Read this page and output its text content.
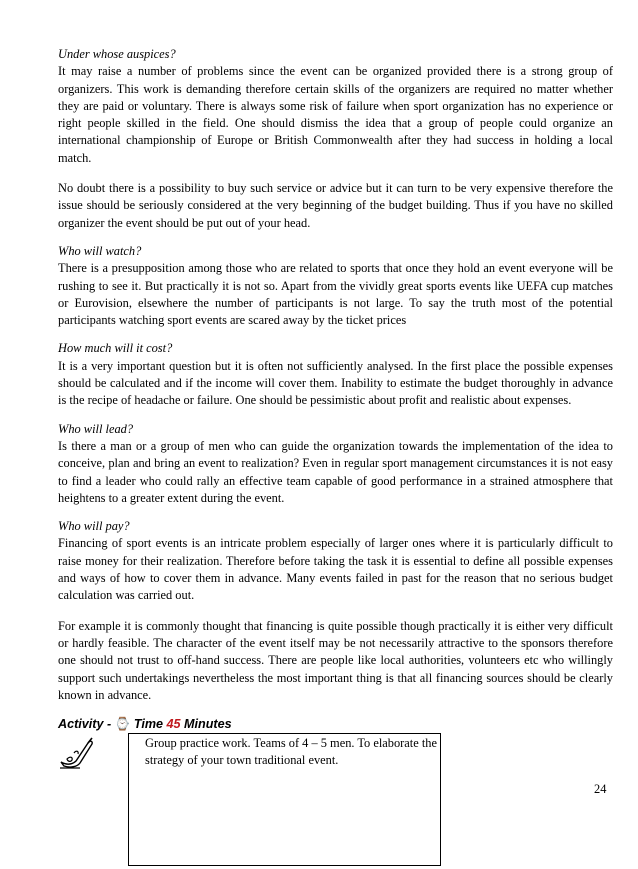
Under whose auspices?

It may raise a number of problems since the event can be organized provided there is a strong group of organizers. This work is demanding therefore certain skills of the organizers are required no matter whether they are paid or voluntary. There is always some risk of failure when sport organization has no experience or right people skilled in the field. One should dismiss the idea that a group of people could organize an international championship of Europe or British Commonwealth after they had success in holding a local match.

No doubt there is a possibility to buy such service or advice but it can turn to be very expensive therefore the issue should be seriously considered at the very beginning of the budget building. Thus if you have no skilled organizer the event should be put out of your head.

Who will watch?

There is a presupposition among those who are related to sports that once they hold an event everyone will be rushing to see it. But practically it is not so. Apart from the vividly great sports events like UEFA cup matches or Eurovision, elsewhere the number of participants is not large. To say the truth most of the potential participants watching sport events are scared away by the ticket prices

How much will it cost?

It is a very important question but it is often not sufficiently analysed. In the first place the possible expenses should be calculated and if the income will cover them. Inability to estimate the budget thoroughly in advance is the recipe of headache or failure. One should be pessimistic about profit and realistic about expenses.

Who will lead?

Is there a man or a group of men who can guide the organization towards the implementation of the idea to conceive, plan and bring an event to realization? Even in regular sport management circumstances it is not easy to find a leader who could rally an effective team capable of good performance in a strained atmosphere that heightens to a greater extent during the event.

Who will pay?

Financing of sport events is an intricate problem especially of larger ones where it is particularly difficult to raise money for their realization. Therefore before taking the task it is essential to define all possible expenses and ways of how to cover them in advance. Many events failed in past for the reason that no serious budget calculation was carried out.

For example it is commonly thought that financing is quite possible though practically it is either very difficult or hardly feasible. The character of the event itself may be not necessarily attractive to the sponsors therefore one should not trust to off-hand success. There are people like local authorities, volunteers etc who willingly support such undertakings nevertheless the most important thing is that all financing sources should be clearly known in advance.

Activity - ⌚ Time 45 Minutes
Group practice work. Teams of 4 – 5 men. To elaborate the strategy of your town traditional event.
24
